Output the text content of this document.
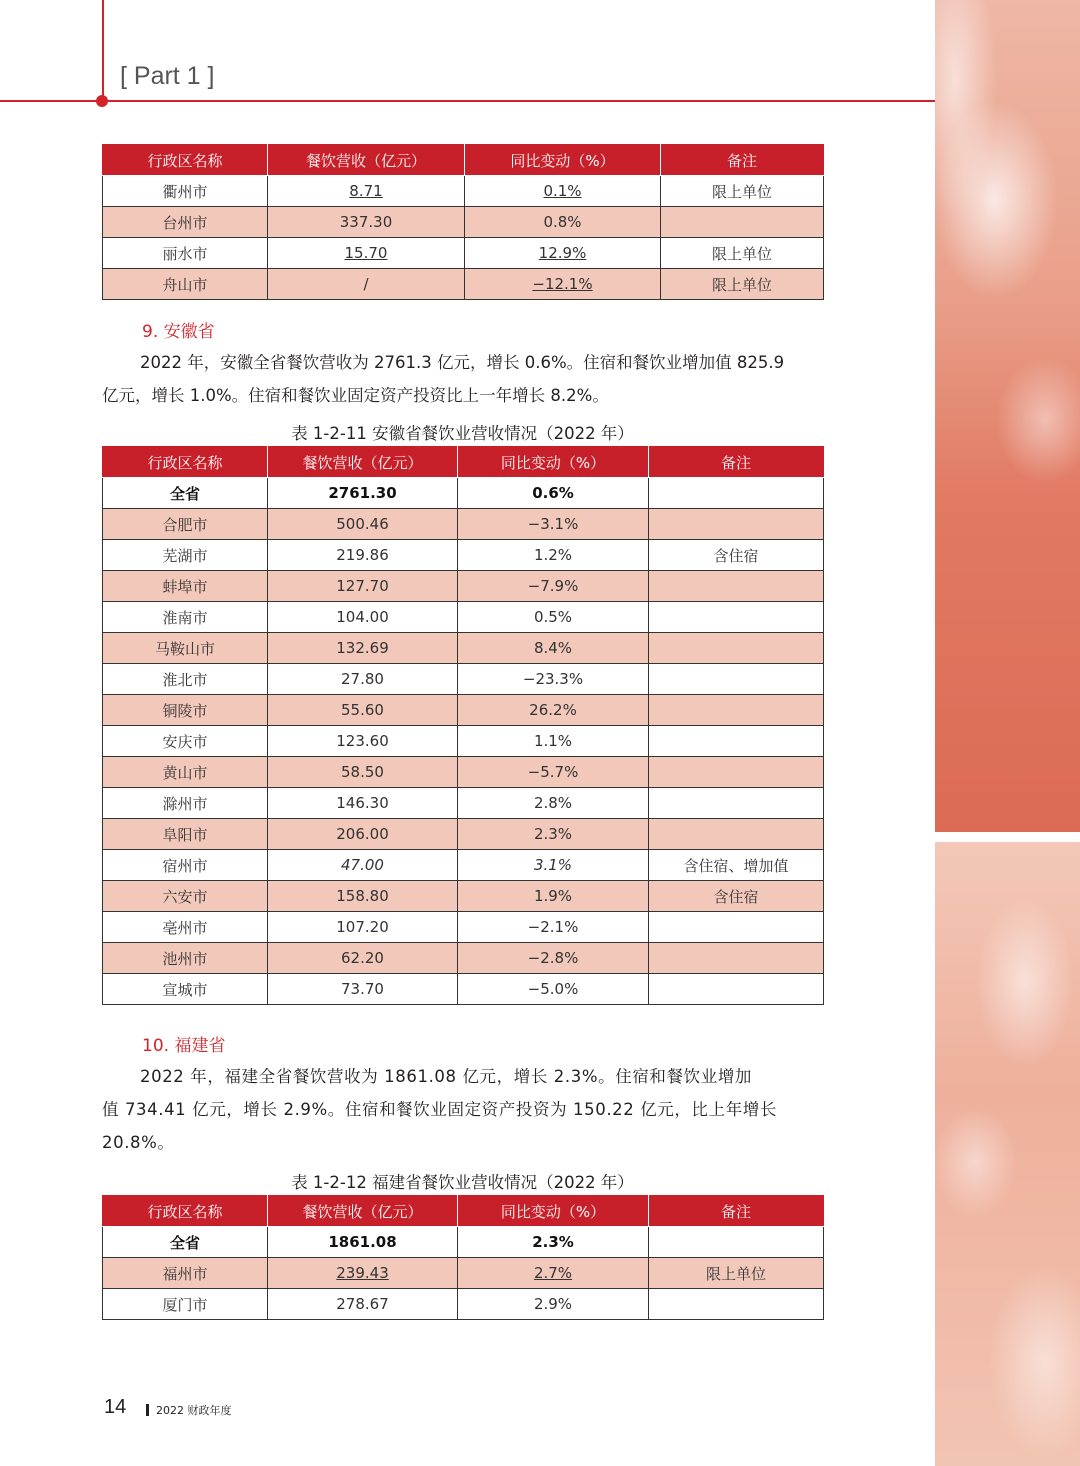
[ Part 1 ]
行政区名称	餐饮营收（亿元）	同比变动（%）	备注
衢州市	8.71	0.1%	限上单位
台州市	337.30	0.8%	
丽水市	15.70	12.9%	限上单位
舟山市	/	−12.1%	限上单位
9. 安徽省
2022 年，安徽全省餐饮营收为 2761.3 亿元，增长 0.6%。住宿和餐饮业增加值 825.9
亿元，增长 1.0%。住宿和餐饮业固定资产投资比上一年增长 8.2%。
表 1-2-11 安徽省餐饮业营收情况（2022 年）
行政区名称	餐饮营收（亿元）	同比变动（%）	备注
全省	2761.30	0.6%	
合肥市	500.46	−3.1%	
芜湖市	219.86	1.2%	含住宿
蚌埠市	127.70	−7.9%	
淮南市	104.00	0.5%	
马鞍山市	132.69	8.4%	
淮北市	27.80	−23.3%	
铜陵市	55.60	26.2%	
安庆市	123.60	1.1%	
黄山市	58.50	−5.7%	
滁州市	146.30	2.8%	
阜阳市	206.00	2.3%	
宿州市	47.00	3.1%	含住宿、增加值
六安市	158.80	1.9%	含住宿
亳州市	107.20	−2.1%	
池州市	62.20	−2.8%	
宣城市	73.70	−5.0%	
10. 福建省
2022 年，福建全省餐饮营收为 1861.08 亿元，增长 2.3%。住宿和餐饮业增加
值 734.41 亿元，增长 2.9%。住宿和餐饮业固定资产投资为 150.22 亿元，比上年增长
20.8%。
表 1-2-12 福建省餐饮业营收情况（2022 年）
行政区名称	餐饮营收（亿元）	同比变动（%）	备注
全省	1861.08	2.3%	
福州市	239.43	2.7%	限上单位
厦门市	278.67	2.9%	
14	2022 财政年度
